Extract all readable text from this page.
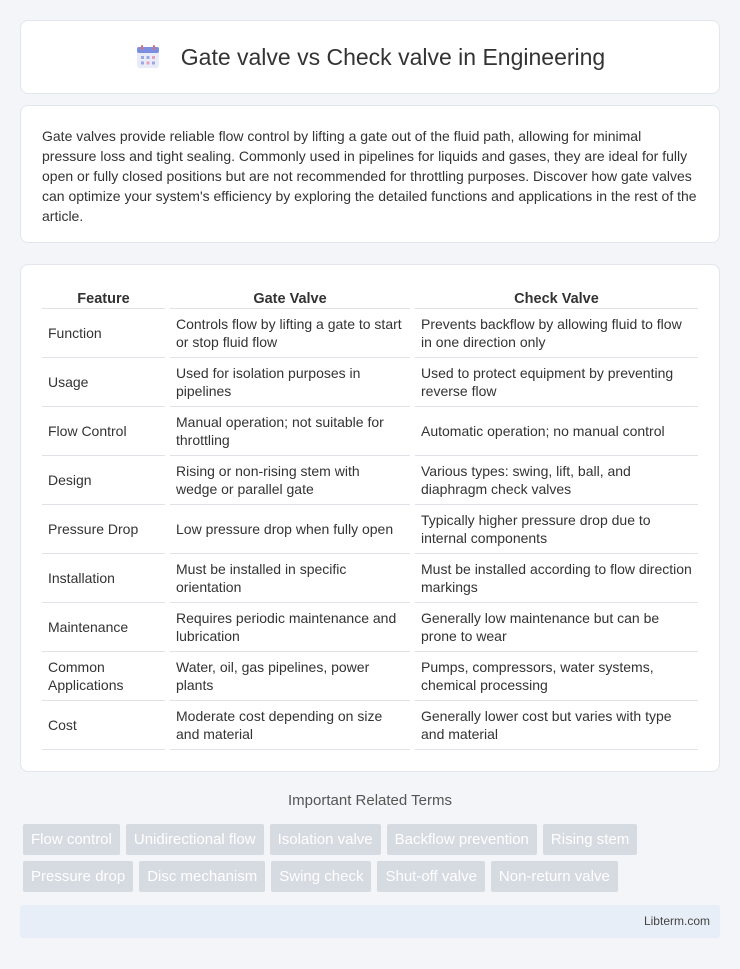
Gate valve vs Check valve in Engineering

Gate valves provide reliable flow control by lifting a gate out of the fluid path, allowing for minimal pressure loss and tight sealing. Commonly used in pipelines for liquids and gases, they are ideal for fully open or fully closed positions but are not recommended for throttling purposes. Discover how gate valves can optimize your system's efficiency by exploring the detailed functions and applications in the rest of the article.

Feature		Gate Valve		Check Valve
Function		Controls flow by lifting a gate to start or stop fluid flow		Prevents backflow by allowing fluid to flow in one direction only
Usage		Used for isolation purposes in pipelines		Used to protect equipment by preventing reverse flow
Flow Control		Manual operation; not suitable for throttling		Automatic operation; no manual control
Design		Rising or non-rising stem with wedge or parallel gate		Various types: swing, lift, ball, and diaphragm check valves
Pressure Drop		Low pressure drop when fully open		Typically higher pressure drop due to internal components
Installation		Must be installed in specific orientation		Must be installed according to flow direction markings
Maintenance		Requires periodic maintenance and lubrication		Generally low maintenance but can be prone to wear
Common Applications		Water, oil, gas pipelines, power plants		Pumps, compressors, water systems, chemical processing
Cost		Moderate cost depending on size and material		Generally lower cost but varies with type and material
Important Related Terms
Flow control	Unidirectional flow	Isolation valve	Backflow prevention	Rising stem
Pressure drop	Disc mechanism	Swing check	Shut-off valve	Non-return valve
Libterm.com
